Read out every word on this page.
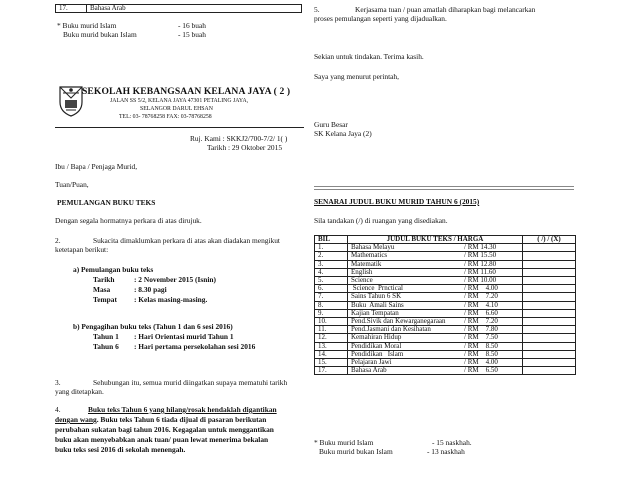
17.	Bahasa Arab
* Buku murid Islam	- 16 buah
Buku murid bukan Islam	- 15 buah
SEKOLAH KEBANGSAAN KELANA JAYA ( 2 )
JALAN SS 5/2, KELANA JAYA 47301 PETALING JAYA,
SELANGOR DARUL EHSAN
TEL: 03- 78768258 FAX: 03-78768258
Ruj. Kami : SKKJ2/700-7/2/ 1( )
Tarikh : 29 Oktober 2015
Ibu / Bapa / Penjaga Murid,
Tuan/Puan,
PEMULANGAN BUKU TEKS
Dengan segala hormatnya perkara di atas dirujuk.
2.	Sukacita dimaklumkan perkara di atas akan diadakan mengikut
ketetapan berikut:
a) Pemulangan buku teks
Tarikh	: 2 November 2015 (Isnin)
Masa	: 8.30 pagi
Tempat : Kelas masing-masing.
b) Pengagihan buku teks (Tahun 1 dan 6 sesi 2016)
Tahun 1 : Hari Orientasi murid Tahun 1
Tahun 6 : Hari pertama persekolahan sesi 2016
3.	Sehubungan itu, semua murid diingatkan supaya mematuhi tarikh
yang ditetapkan.
4.	Buku teks Tahun 6 yang hilang/rosak hendaklah digantikan
dengan wang. Buku teks Tahun 6 tiada dijual di pasaran berikutan
perubahan sukatan bagi tahun 2016. Kegagalan untuk menggantikan
buku akan menyebabkan anak tuan/ puan lewat menerima bekalan
buku teks sesi 2016 di sekolah menengah.
5.	Kerjasama tuan / puan amatlah diharapkan bagi melancarkan
proses pemulangan seperti yang dijadualkan.
Sekian untuk tindakan. Terima kasih.
Saya yang menurut perintah,
Guru Besar
SK Kelana Jaya (2)
SENARAI JUDUL BUKU MURID TAHUN 6 (2015)
Sila tandakan (/) di ruangan yang disediakan.
BIL	JUDUL BUKU TEKS / HARGA	( /) / (X)
1.	Bahasa Melayu / RM 14.30	

2.	Mathematics / RM 15.50	

3.	Matematik / RM 12.80	

4.	English / RM 11.60	

5.	Science / RM 10.00	

6.	Science  Prnctical / RM    4.00	

7.	Sains Tahun 6 SK / RM    7.20	

8.	Buku  Amali Sains / RM    4.10	

9.	Kajian Tempatan / RM    6.60	

10.	Pend.Sivik dan Kewarganegaraan / RM    7.20	

11.	Pend.Jasmani dan Kesihatan / RM    7.80	

12.	Kemahiran Hidup / RM    7.50	

13.	Pendidikan Moral / RM    8.50	

14.	Pendidikan   Islam / RM    8.50	

15.	Pelajaran Jawi / RM    4.00	

17.	Bahasa Arab / RM    6.50	

* Buku murid Islam	- 15 naskhah.
Buku murid bukan Islam	- 13 naskhah
